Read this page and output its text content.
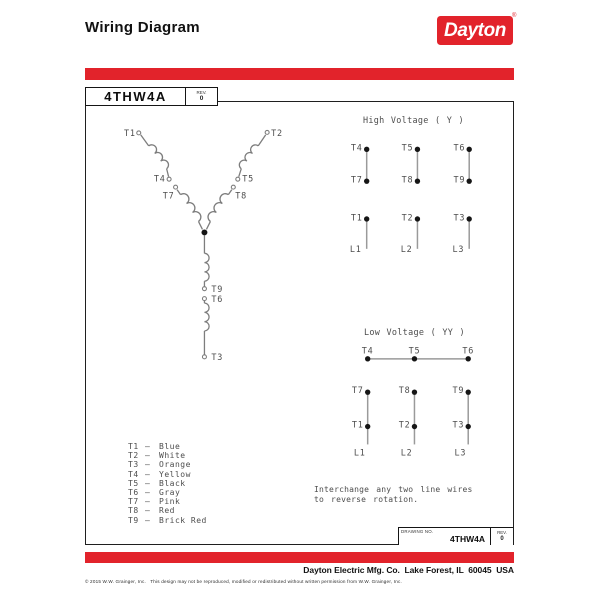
Wiring Diagram	Dayton
®
4THW4A	REV.
0
T1	T2
T4	T5
T7	T8
T9
T6
T3
High Voltage ( Y )
T4	T5	T6
T7	T8	T9
T1	T2	T3
L1	L2	L3
Low Voltage ( YY )
T4	T5	T6
T7	T8	T9
T1	T2	T3
L1	L2	L3
T1 —	Blue
T2 —	White
T3 —	Orange
T4 —	Yellow
T5 —	Black
T6 —	Gray
T7 —	Pink
T8 —	Red
T9 —	Brick Red
Interchange any two line wires
to reverse rotation.
DRAWING NO.
4THW4A
REV.
0
Dayton Electric Mfg. Co.  Lake Forest, IL  60045  USA
© 2015 W.W. Grainger, Inc.   This design may not be reproduced, modified or redistributed without written permission from W.W. Grainger, Inc.
